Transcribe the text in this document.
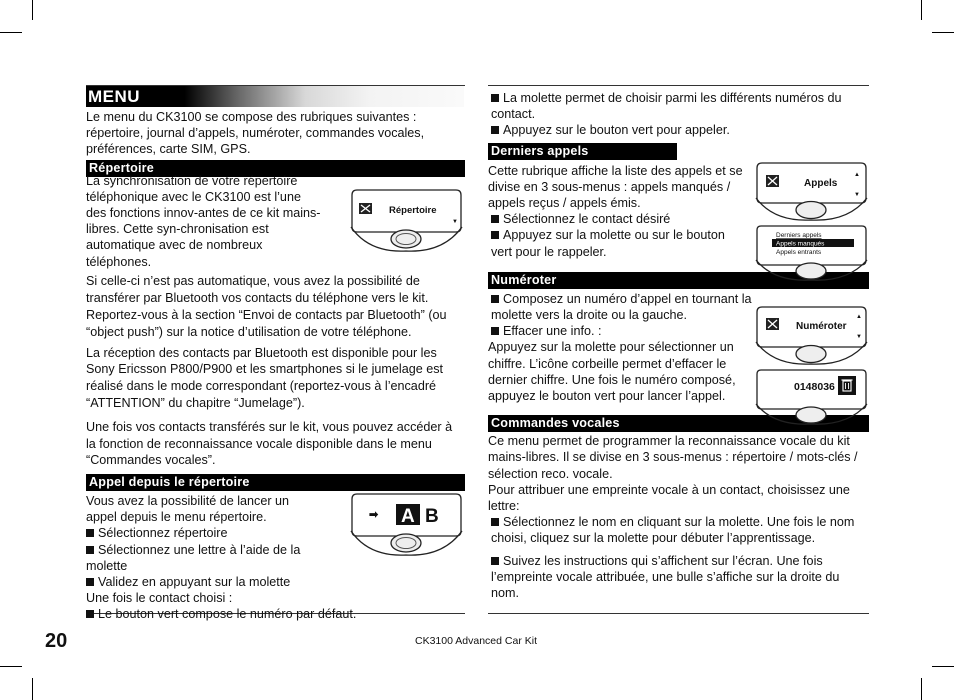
MENU

Le menu du CK3100 se compose des rubriques suivantes : répertoire, journal d’appels, numéroter, commandes vocales, préférences, carte SIM, GPS.

Répertoire

La synchronisation de votre répertoire téléphonique avec le CK3100 est l’une des fonctions innov-antes de ce kit mains-libres. Cette syn-chronisation est automatique avec de nombreux téléphones.

Si celle-ci n’est pas automatique, vous avez la possibilité de transférer par Bluetooth vos contacts du téléphone vers le kit. Reportez-vous à la section “Envoi de contacts par Bluetooth” (ou “object push”) sur la notice d’utilisation de votre téléphone.

La réception des contacts par Bluetooth est disponible pour les Sony Ericsson P800/P900 et les smartphones si le jumelage est réalisé dans le mode correspondant (reportez-vous à l’encadré “ATTENTION” du chapitre “Jumelage”).

Une fois vos contacts transférés sur le kit, vous pouvez accéder à la fonction de reconnaissance vocale disponible dans le menu “Commandes vocales”.

Appel depuis le répertoire

Vous avez la possibilité de lancer un appel depuis le menu répertoire.

Sélectionnez répertoire

Sélectionnez une lettre à l’aide de la molette

Validez en appuyant sur la molette

Une fois le contact choisi :

Le bouton vert compose le numéro par défaut.

Répertoire
▼
➡ A B

La molette permet de choisir parmi les différents numéros du contact.

Appuyez sur le bouton vert pour appeler.

Derniers appels

Cette rubrique affiche la liste des appels et se divise en 3 sous-menus : appels manqués / appels reçus / appels émis.

Sélectionnez le contact désiré

Appuyez sur la molette ou sur le bouton vert pour le rappeler.

Numéroter

Composez un numéro d’appel en tournant la molette vers la droite ou la gauche.

Effacer une info. :

Appuyez sur la molette pour sélectionner un chiffre. L’icône corbeille permet d’effacer le dernier chiffre. Une fois le numéro composé, appuyez le bouton vert pour lancer l’appel.

Commandes vocales

Ce menu permet de programmer la reconnaissance vocale du kit mains-libres. Il se divise en 3 sous-menus : répertoire / mots-clés / sélection reco. vocale.

Pour attribuer une empreinte vocale à un contact, choisissez une lettre:

Sélectionnez le nom en cliquant sur la molette. Une fois le nom choisi, cliquez sur la molette pour débuter l’apprentissage.

Suivez les instructions qui s’affichent sur l’écran. Une fois l’empreinte vocale attribuée, une bulle s’affiche sur la droite du nom.

Appels
▲
▼
Derniers appels
Appels manqués
Appels entrants
Numéroter
▲
▼
0148036
20	CK3100 Advanced Car Kit
